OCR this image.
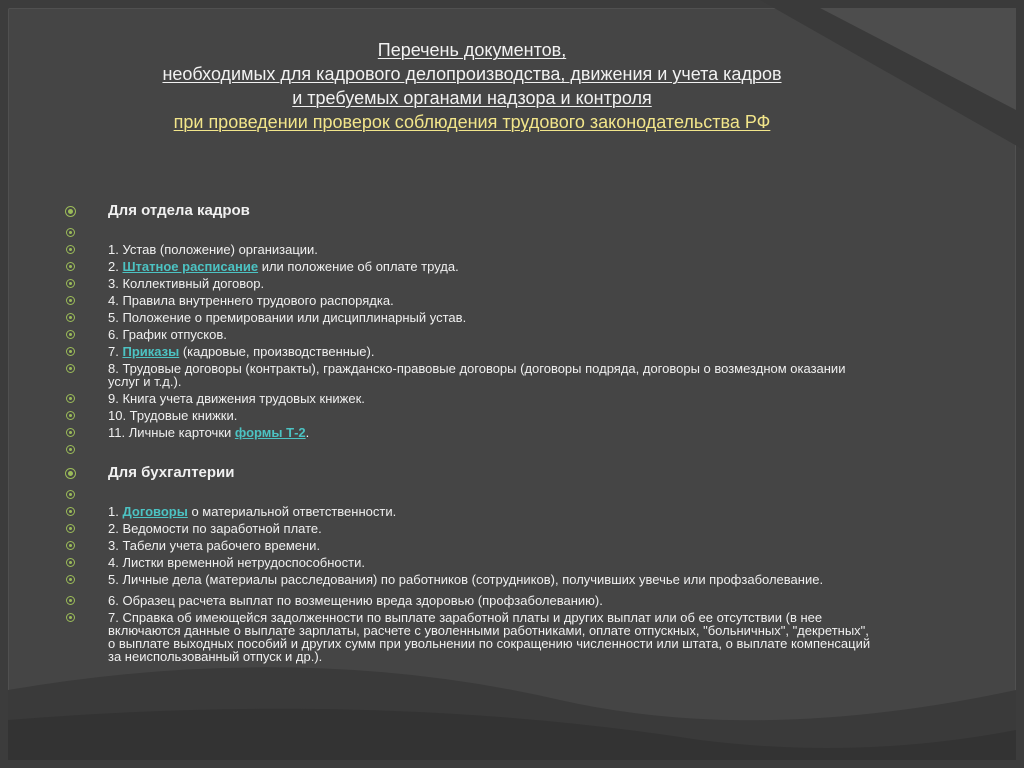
Перечень документов,
необходимых для кадрового делопроизводства, движения и учета кадров
и требуемых органами надзора и контроля
при проведении проверок соблюдения трудового законодательства РФ
Для отдела кадров
1. Устав (положение) организации.
2. Штатное расписание или положение об оплате труда.
3. Коллективный договор.
4. Правила внутреннего трудового распорядка.
5. Положение о премировании или дисциплинарный устав.
6. График отпусков.
7. Приказы (кадровые, производственные).
8. Трудовые договоры (контракты), гражданско-правовые договоры (договоры подряда, договоры о возмездном оказании услуг и т.д.).
9. Книга учета движения трудовых книжек.
10. Трудовые книжки.
11. Личные карточки формы Т-2.
Для бухгалтерии
1. Договоры о материальной ответственности.
2. Ведомости по заработной плате.
3. Табели учета рабочего времени.
4. Листки временной нетрудоспособности.
5. Личные дела (материалы расследования) по работников (сотрудников), получивших увечье или профзаболевание.
6. Образец расчета выплат по возмещению вреда здоровью (профзаболеванию).
7. Справка об имеющейся задолженности по выплате заработной платы и других выплат или об ее отсутствии (в нее включаются данные о выплате зарплаты, расчете с уволенными работниками, оплате отпускных, "больничных", "декретных", о выплате выходных пособий и других сумм при увольнении по сокращению численности или штата, о выплате компенсаций за неиспользованный отпуск и др.).
